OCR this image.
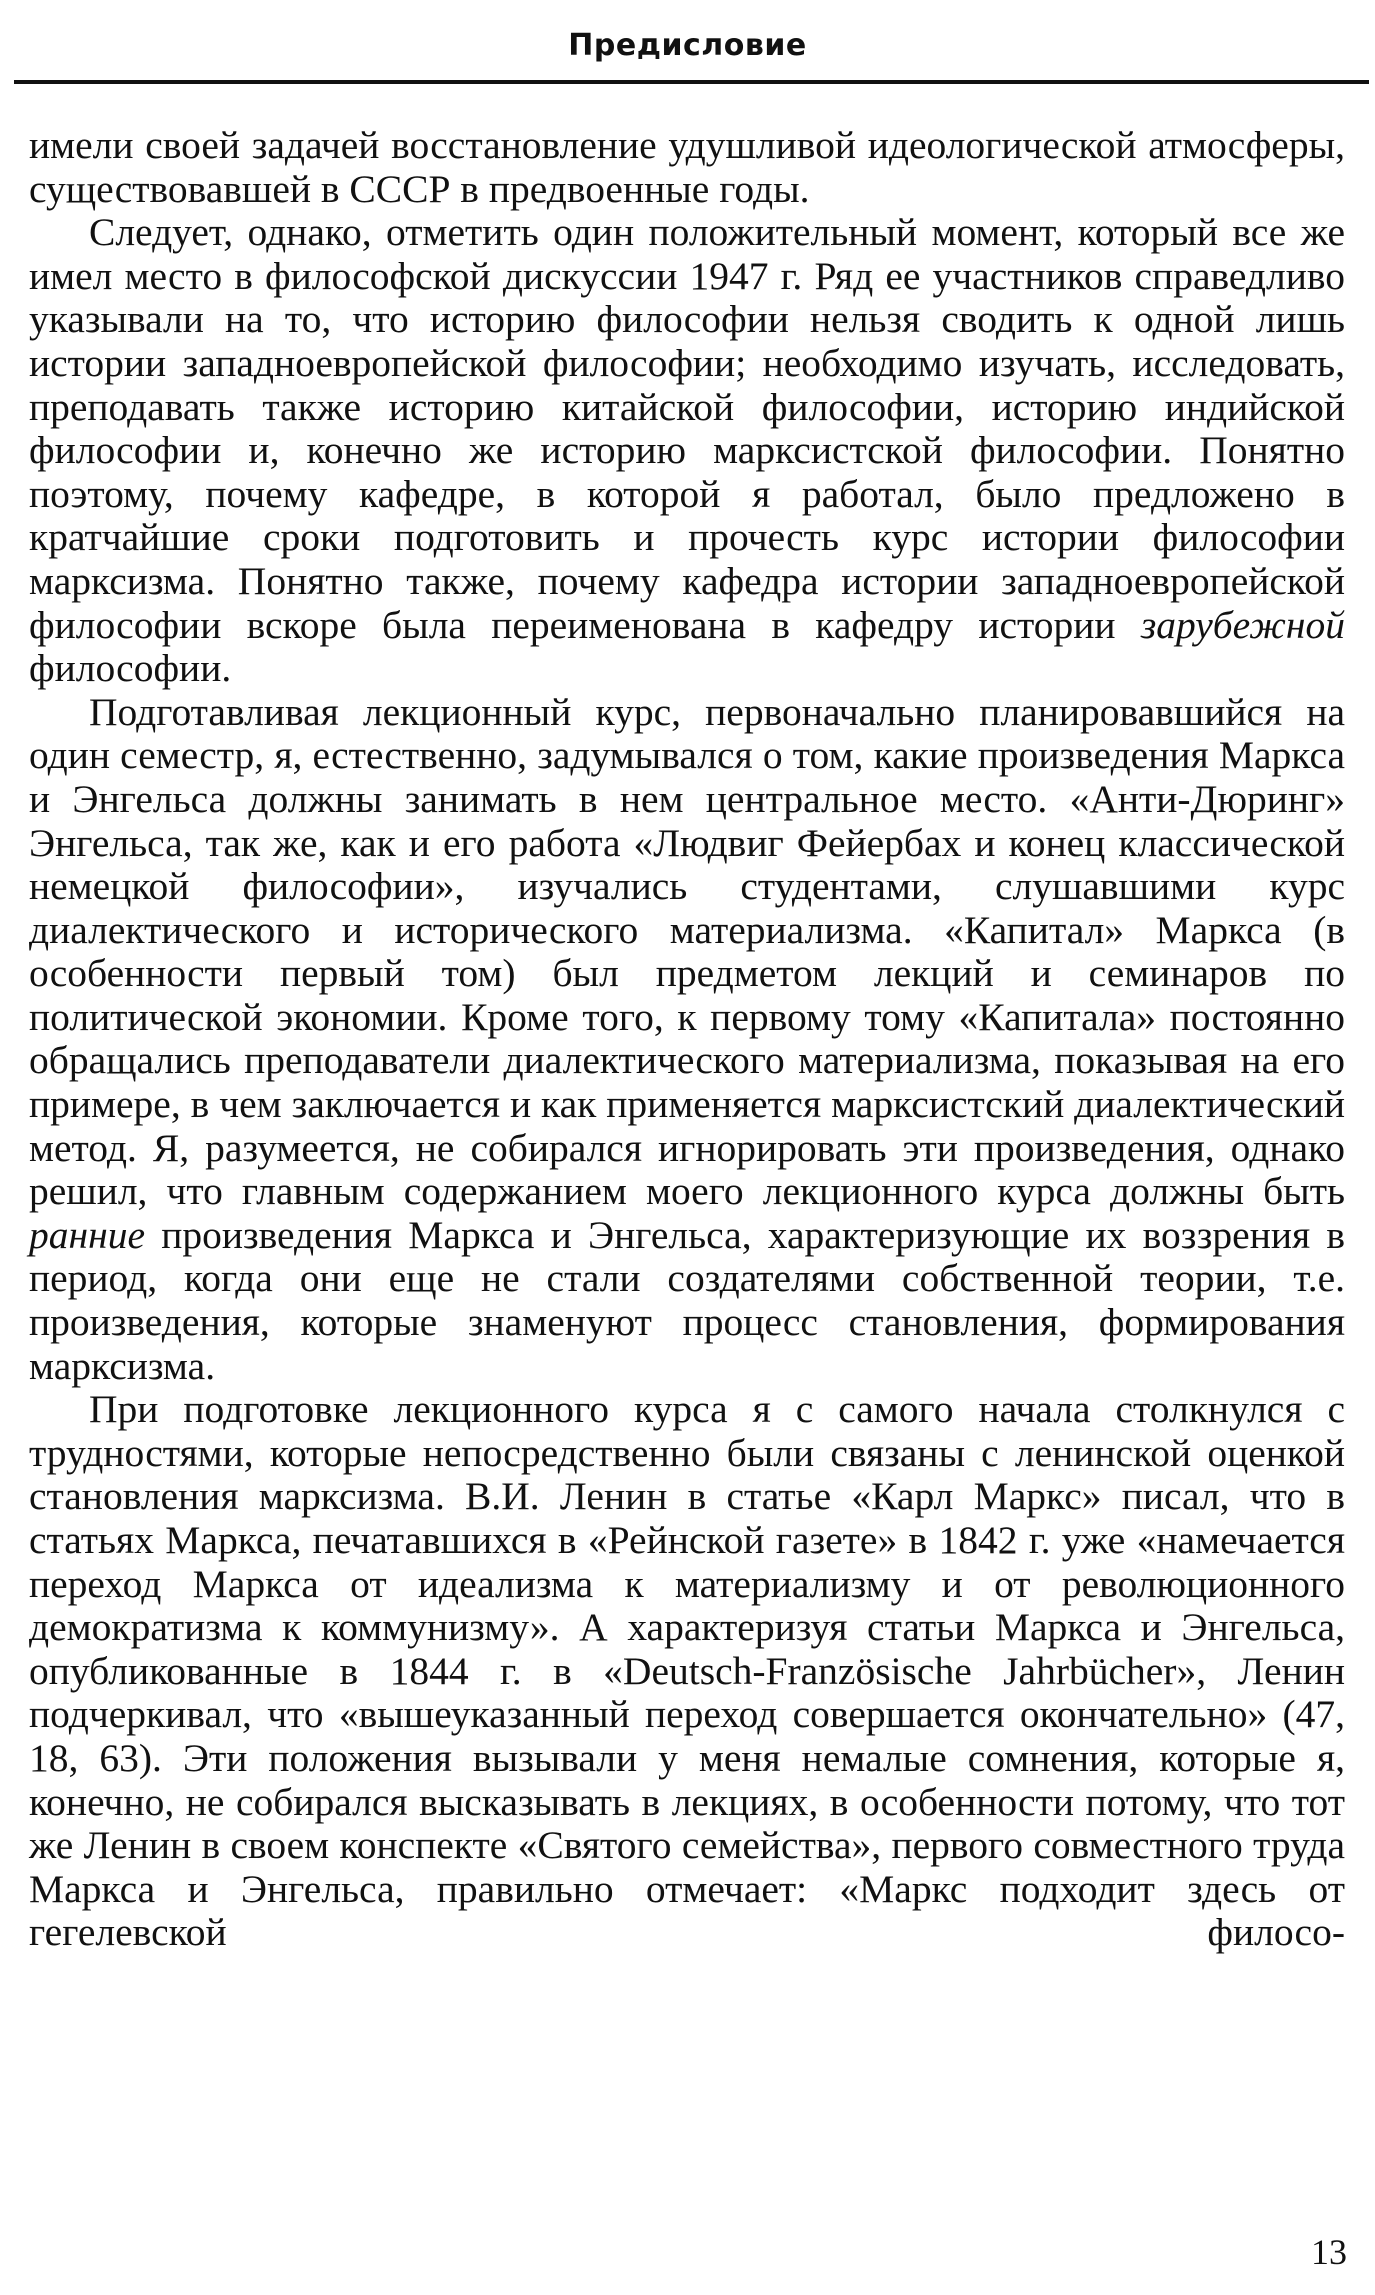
Предисловие

имели своей задачей восстановление удушливой идеологической атмосферы, существовавшей в СССР в предвоенные годы.

Следует, однако, отметить один положительный момент, который все же имел место в философской дискуссии 1947 г. Ряд ее участников справедливо указывали на то, что историю философии нельзя сводить к одной лишь истории западноевропейской философии; необходимо изучать, исследовать, преподавать также историю китайской философии, историю индийской философии и, конечно же историю марксистской философии. Понятно поэтому, почему кафедре, в которой я работал, было предложено в кратчайшие сроки подготовить и прочесть курс истории философии марксизма. Понятно также, почему кафедра истории западноевропейской философии вскоре была переименована в кафедру истории зарубежной философии.

Подготавливая лекционный курс, первоначально планировавшийся на один семестр, я, естественно, задумывался о том, какие произведения Маркса и Энгельса должны занимать в нем центральное место. «Анти-Дюринг» Энгельса, так же, как и его работа «Людвиг Фейербах и конец классической немецкой философии», изучались студентами, слушавшими курс диалектического и исторического материализма. «Капитал» Маркса (в особенности первый том) был предметом лекций и семинаров по политической экономии. Кроме того, к первому тому «Капитала» постоянно обращались преподаватели диалектического материализма, показывая на его примере, в чем заключается и как применяется марксистский диалектический метод. Я, разумеется, не собирался игнорировать эти произведения, однако решил, что главным содержанием моего лекционного курса должны быть ранние произведения Маркса и Энгельса, характеризующие их воззрения в период, когда они еще не стали создателями собственной теории, т.е. произведения, которые знаменуют процесс становления, формирования марксизма.

При подготовке лекционного курса я с самого начала столкнулся с трудностями, которые непосредственно были связаны с ленинской оценкой становления марксизма. В.И. Ленин в статье «Карл Маркс» писал, что в статьях Маркса, печатавшихся в «Рейнской газете» в 1842 г. уже «намечается переход Маркса от идеализма к материализму и от революционного демократизма к коммунизму». А характеризуя статьи Маркса и Энгельса, опубликованные в 1844 г. в «Deutsch-Französische Jahrbücher», Ленин подчеркивал, что «вышеуказанный переход совершается окончательно» (47, 18, 63). Эти положения вызывали у меня немалые сомнения, которые я, конечно, не собирался высказывать в лекциях, в особенности потому, что тот же Ленин в своем конспекте «Святого семейства», первого совместного труда Маркса и Энгельса, правильно отмечает: «Маркс подходит здесь от гегелевской филосо-

13
